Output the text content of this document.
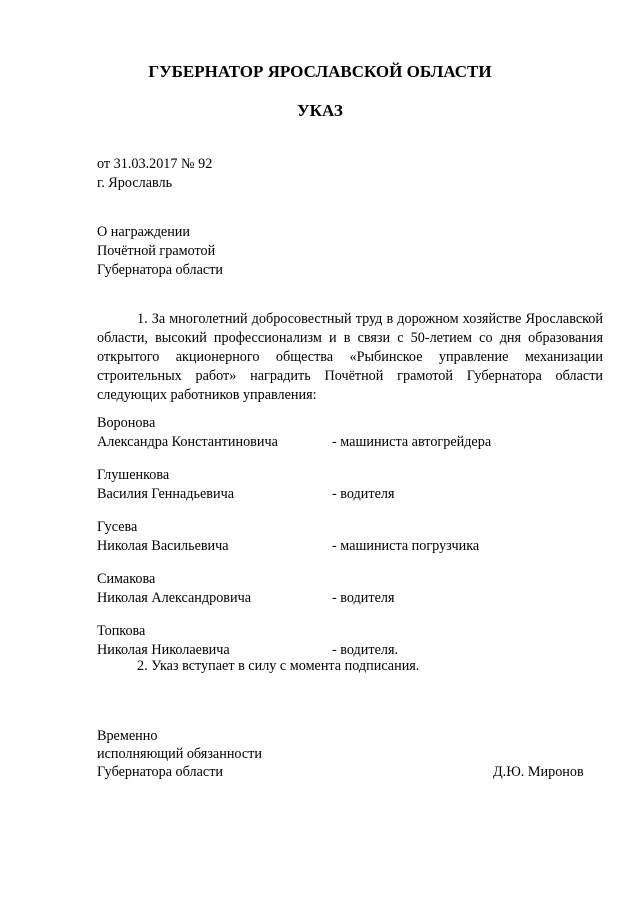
ГУБЕРНАТОР ЯРОСЛАВСКОЙ ОБЛАСТИ
УКАЗ
от 31.03.2017 № 92
г. Ярославль
О награждении
Почётной грамотой
Губернатора области
1. За многолетний добросовестный труд в дорожном хозяйстве Ярославской области, высокий профессионализм и в связи с 50-летием со дня образования открытого акционерного общества «Рыбинское управление механизации строительных работ» наградить Почётной грамотой Губернатора области следующих работников управления:
Воронова
Александра Константиновича	- машиниста автогрейдера
Глушенкова
Василия Геннадьевича	- водителя
Гусева
Николая Васильевича	- машиниста погрузчика
Симакова
Николая Александровича	- водителя
Топкова
Николая Николаевича	- водителя.
2. Указ вступает в силу с момента подписания.
Временно
исполняющий обязанности
Губернатора области	Д.Ю. Миронов
